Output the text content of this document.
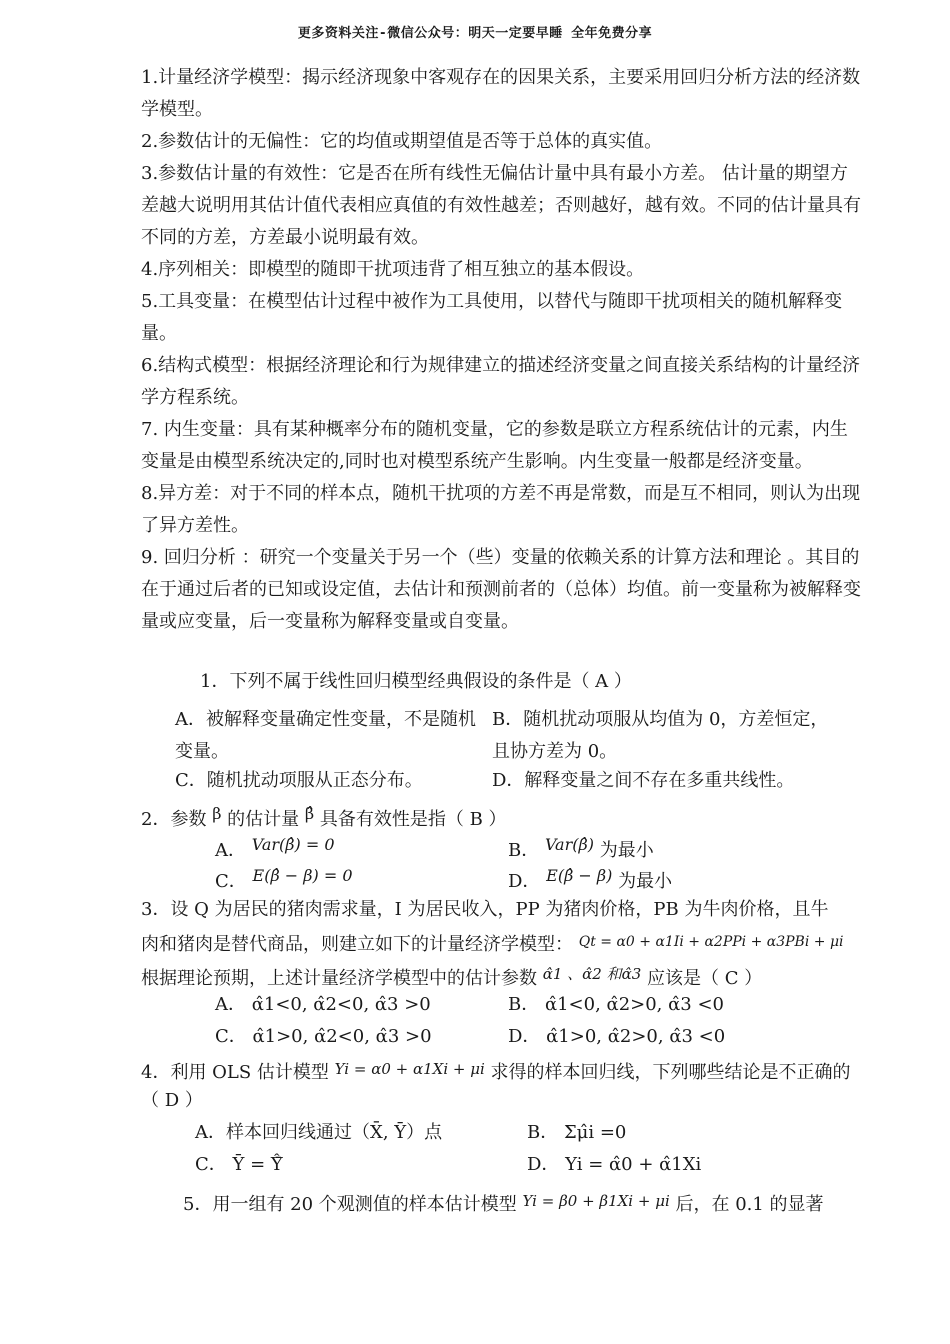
更多资料关注-微信公众号：明天一定要早睡 全年免费分享

1.计量经济学模型：揭示经济现象中客观存在的因果关系，主要采用回归分析方法的经济数学模型。

2.参数估计的无偏性：它的均值或期望值是否等于总体的真实值。

3.参数估计量的有效性：它是否在所有线性无偏估计量中具有最小方差。 估计量的期望方差越大说明用其估计值代表相应真值的有效性越差；否则越好，越有效。不同的估计量具有不同的方差，方差最小说明最有效。

4.序列相关：即模型的随即干扰项违背了相互独立的基本假设。

5.工具变量：在模型估计过程中被作为工具使用，以替代与随即干扰项相关的随机解释变量。

6.结构式模型：根据经济理论和行为规律建立的描述经济变量之间直接关系结构的计量经济学方程系统。

7. 内生变量：具有某种概率分布的随机变量，它的参数是联立方程系统估计的元素，内生变量是由模型系统决定的,同时也对模型系统产生影响。内生变量一般都是经济变量。

8.异方差：对于不同的样本点，随机干扰项的方差不再是常数，而是互不相同，则认为出现了异方差性。

9. 回归分析 ：研究一个变量关于另一个（些）变量的依赖关系的计算方法和理论 。其目的在于通过后者的已知或设定值，去估计和预测前者的（总体）均值。前一变量称为被解释变量或应变量，后一变量称为解释变量或自变量。

1．下列不属于线性回归模型经典假设的条件是（ A ）
A．被解释变量确定性变量，不是随机变量。
B．随机扰动项服从均值为 0，方差恒定，且协方差为 0。
C．随机扰动项服从正态分布。	D．解释变量之间不存在多重共线性。
2．参数 β 的估计量 β̂ 具备有效性是指（ B ）
A． Var(β̂) = 0	B． Var(β̂) 为最小
C． E(β̂ − β) = 0	D． E(β̂ − β) 为最小
3．设 Q 为居民的猪肉需求量，I 为居民收入，PP 为猪肉价格，PB 为牛肉价格，且牛
肉和猪肉是替代商品，则建立如下的计量经济学模型： $^{Qt = \alpha 0 + \alpha 1Ii + \alpha 2PPi + \alpha 3PBi + \mu i}$
根据理论预期，上述计量经济学模型中的估计参数 $^{\alphâ1 、\alphâ2 和\alphâ3}$ 应该是（ C ）
A． α̂1<0, α̂2<0, α̂3 >0	B． α̂1<0, α̂2>0, α̂3 <0
C． α̂1>0, α̂2<0, α̂3 >0	D． α̂1>0, α̂2>0, α̂3 <0
4．利用 OLS 估计模型 $^{Yi = \alpha 0 + \alpha 1Xi + \mu i}$ 求得的样本回归线，下列哪些结论是不正确的
（ D ）
A．样本回归线通过（X̄, Ȳ）点	B． Σμ̂i =0
C． Ȳ = Ŷ̄	D． Yi = α̂0 + α̂1Xi
5．用一组有 20 个观测值的样本估计模型 $^{Yi = \beta 0 + \beta 1Xi + \mu i}$ 后，在 0.1 的显著
